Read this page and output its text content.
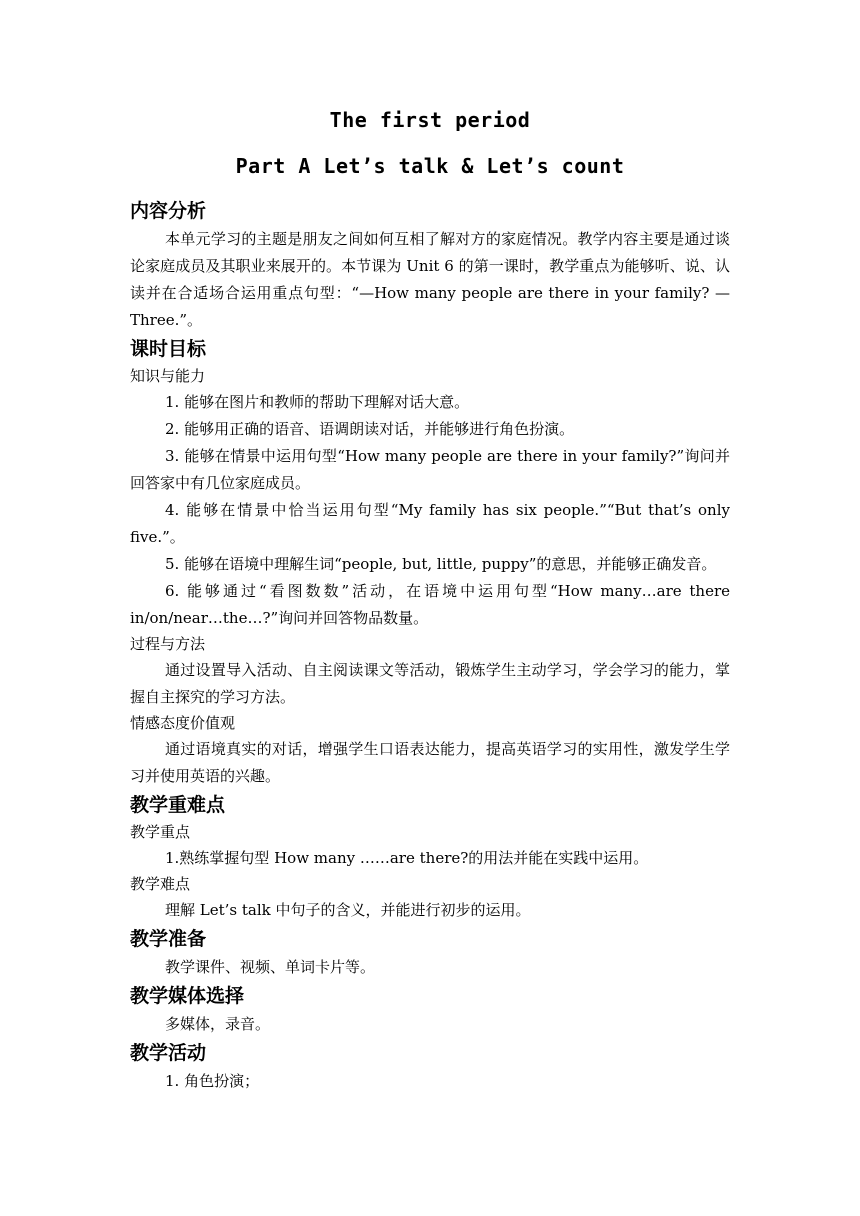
The first period
Part A Let’s talk & Let’s count
内容分析
本单元学习的主题是朋友之间如何互相了解对方的家庭情况。教学内容主要是通过谈论家庭成员及其职业来展开的。本节课为 Unit 6 的第一课时，教学重点为能够听、说、认读并在合适场合运用重点句型：“—How many people are there in your family? —Three.”。
课时目标
知识与能力
1. 能够在图片和教师的帮助下理解对话大意。
2. 能够用正确的语音、语调朗读对话，并能够进行角色扮演。
3. 能够在情景中运用句型“How many people are there in your family?”询问并回答家中有几位家庭成员。
4. 能够在情景中恰当运用句型“My family has six people.”“But that’s only five.”。
5. 能够在语境中理解生词“people, but, little, puppy”的意思，并能够正确发音。
6. 能够通过“看图数数”活动，在语境中运用句型“How many…are there in/on/near…the…?”询问并回答物品数量。
过程与方法
通过设置导入活动、自主阅读课文等活动，锻炼学生主动学习，学会学习的能力，掌握自主探究的学习方法。
情感态度价值观
通过语境真实的对话，增强学生口语表达能力，提高英语学习的实用性，激发学生学习并使用英语的兴趣。
教学重难点
教学重点
1.熟练掌握句型 How many ……are there?的用法并能在实践中运用。
教学难点
理解 Let’s talk 中句子的含义，并能进行初步的运用。
教学准备
教学课件、视频、单词卡片等。
教学媒体选择
多媒体，录音。
教学活动
1. 角色扮演；
